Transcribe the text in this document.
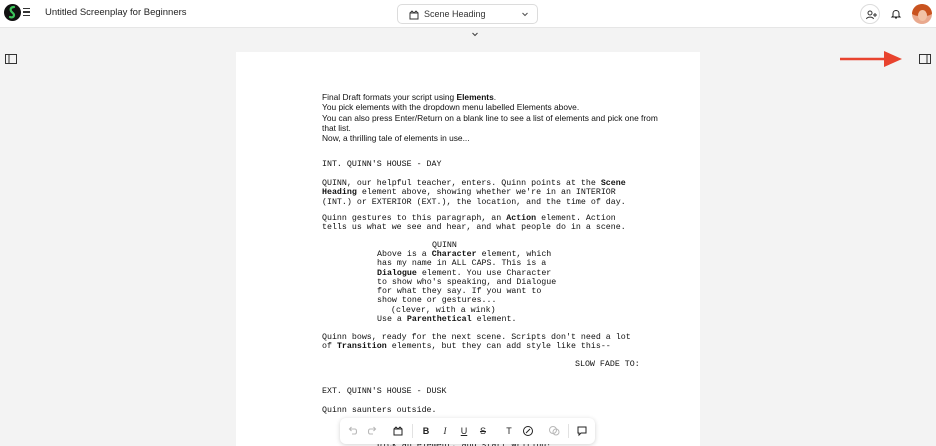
Untitled Screenplay for Beginners	Scene Heading
Final Draft formats your script using Elements.
You pick elements with the dropdown menu labelled Elements above.
You can also press Enter/Return on a blank line to see a list of elements and pick one from that list.
Now, a thrilling tale of elements in use...
INT. QUINN'S HOUSE - DAY
QUINN, our helpful teacher, enters. Quinn points at the Scene
Heading element above, showing whether we're in an INTERIOR
(INT.) or EXTERIOR (EXT.), the location, and the time of day.
Quinn gestures to this paragraph, an Action element. Action
tells us what we see and hear, and what people do in a scene.
QUINN
Above is a Character element, which
has my name in ALL CAPS. This is a
Dialogue element. You use Character
to show who's speaking, and Dialogue
for what they say. If you want to
show tone or gestures...
(clever, with a wink)
Use a Parenthetical element.
Quinn bows, ready for the next scene. Scripts don't need a lot
of Transition elements, but they can add style like this--
SLOW FADE TO:
EXT. QUINN'S HOUSE - DUSK
Quinn saunters outside.
B	I	U	S	T
